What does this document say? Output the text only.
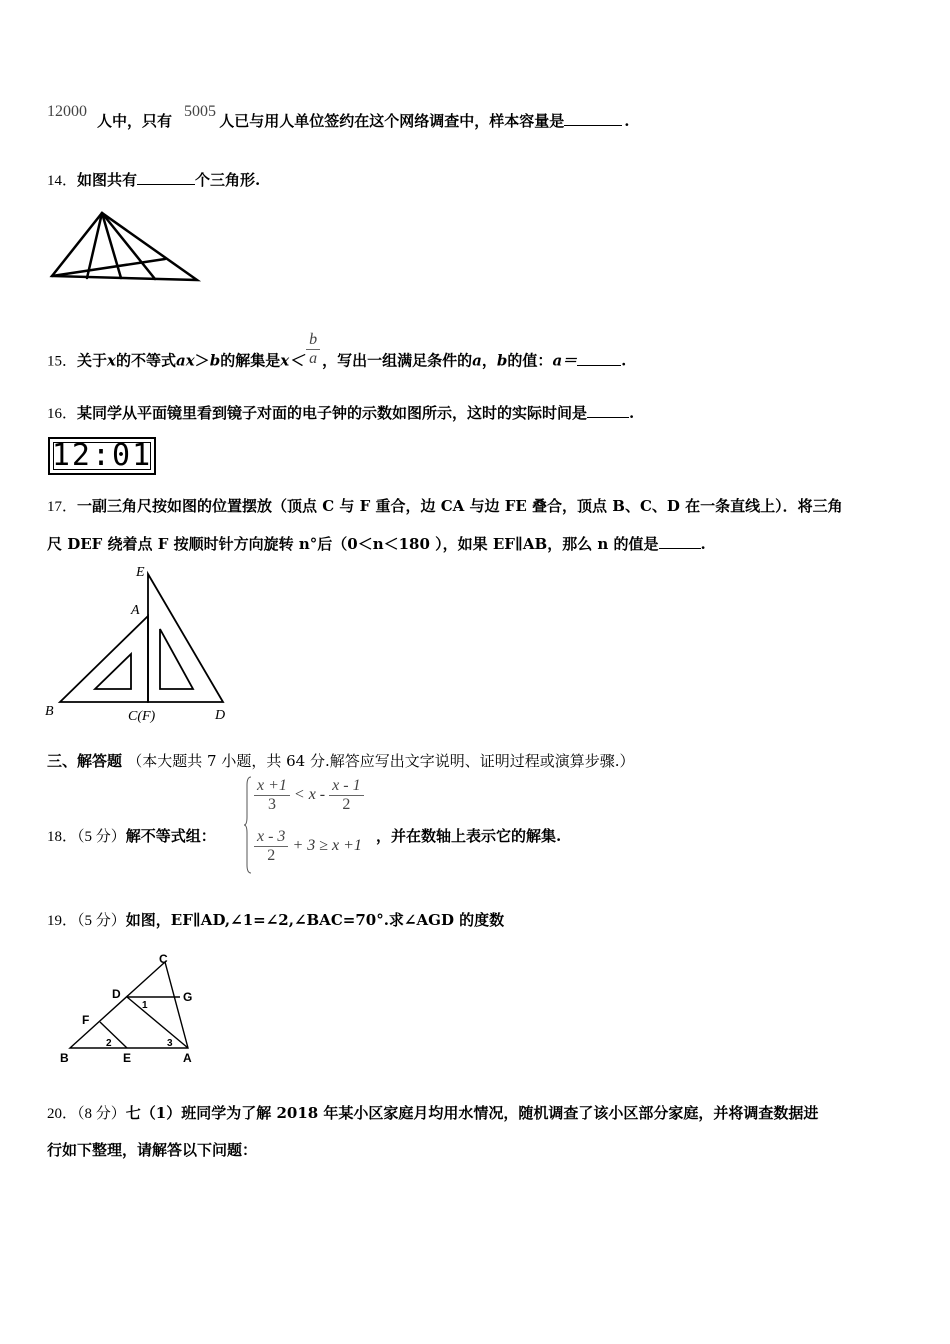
12000
人中，只有
5005
人已与用人单位签约在这个网络调查中，样本容量是	.
14．如图共有	个三角形.
15．关于x的不等式ax＞b的解集是$x< \frac{b}{a}$ ，写出一组满足条件的a，b的值：a＝	.
16．某同学从平面镜里看到镜子对面的电子钟的示数如图所示，这时的实际时间是	.
12:01
17．一副三角尺按如图的位置摆放（顶点 C 与 F 重合，边 CA 与边 FE 叠合，顶点 B、C、D 在一条直线上）．将三角
尺 DEF 绕着点 F 按顺时针方向旋转 n°后（0＜n＜180 ），如果 EF∥AB，那么 n 的值是	.
E
A
B	C(F)	D
三、解答题 （本大题共 7 小题，共 64 分.解答应写出文字说明、证明过程或演算步骤.）
18．（5 分）解不等式组：
$\frac{x +1}{3} < x - \frac{x - 1}{2}$
$\frac{x - 3}{2} + 3 \ge x +1$
，并在数轴上表示它的解集.
19．（5 分）如图，EF∥AD,∠1=∠2,∠BAC=70°.求∠AGD 的度数
C
D	G
F
B	E	A
1
2	3
20．（8 分）七（1）班同学为了解 2018 年某小区家庭月均用水情况，随机调查了该小区部分家庭，并将调查数据进
行如下整理，请解答以下问题：
